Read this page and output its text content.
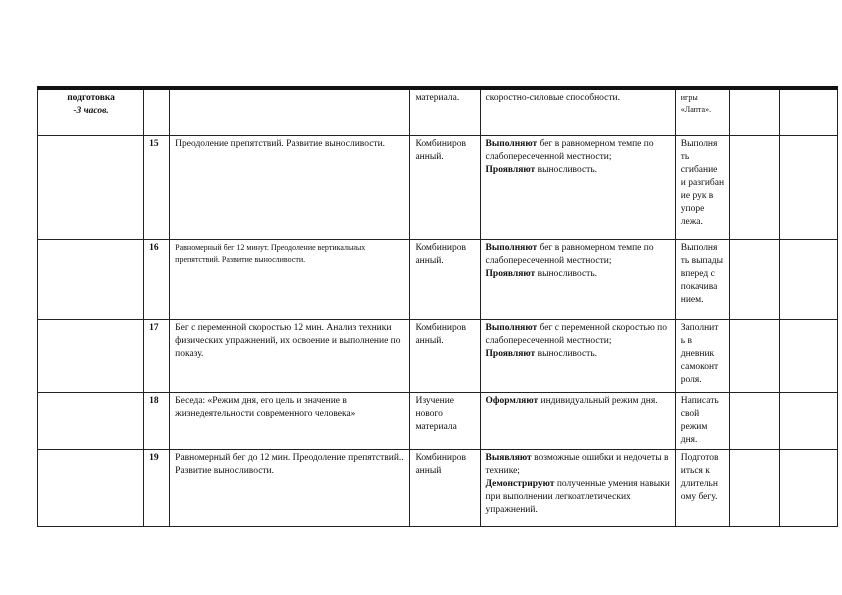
подготовка
-3 часов.			материала.	скоростно-силовые способности.	игры «Лапта».		
	15	Преодоление препятствий. Развитие выносливости.	Комбиниров анный.	Выполняют бег в равномерном темпе по слабопересеченной местности;

Проявляют выносливость.	Выполня ть сгибание и разгибан ие рук в упоре лежа.		
	16	Равномерный бег 12 минут. Преодоление вертикальных препятствий. Развитие выносливости.	Комбиниров анный.	Выполняют бег в равномерном темпе по слабопересеченной местности;

Проявляют выносливость.	Выполня ть выпады вперед с покачива нием.		
	17	Бег с переменной скоростью 12 мин. Анализ техники физических упражнений, их освоение и выполнение по показу.	Комбиниров анный.	Выполняют бег с переменной скоростью по слабопересеченной местности;

Проявляют выносливость.	Заполнит ь в дневник самоконт роля.		
	18	Беседа: «Режим дня, его цель и значение в жизнедеятельности современного человека»	Изучение нового материала	Оформляют индивидуальный режим дня.	Написать свой режим дня.		
	19	Равномерный бег до 12 мин. Преодоление препятствий.. Развитие выносливости.	Комбиниров анный	Выявляют возможные ошибки и недочеты в технике;

Демонстрируют полученные умения навыки при выполнении легкоатлетических упражнений.	Подготов иться к длительн ому бегу.		
